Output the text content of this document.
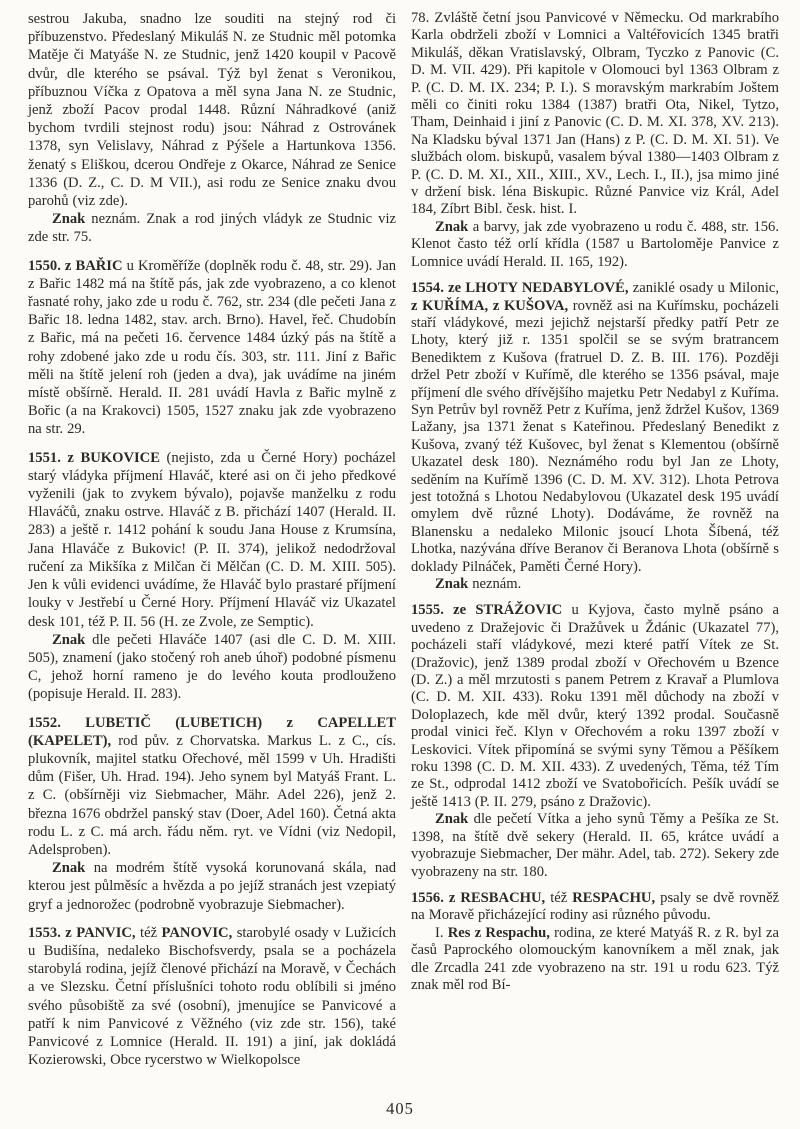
sestrou Jakuba, snadno lze souditi na stejný rod či příbuzenstvo. Předeslaný Mikuláš N. ze Studnic měl potomka Matěje či Matyáše N. ze Studnic, jenž 1420 koupil v Pacově dvůr, dle kterého se psával. Týž byl ženat s Veronikou, příbuznou Víčka z Opatova a měl syna Jana N. ze Studnic, jenž zboží Pacov prodal 1448. Různí Náhradkové (aniž bychom tvrdili stejnost rodu) jsou: Náhrad z Ostrovánek 1378, syn Velislavy, Náhrad z Pýšele a Hartunkova 1356. ženatý s Eliškou, dcerou Ondřeje z Okarce, Náhrad ze Senice 1336 (D. Z., C. D. M VII.), asi rodu ze Senice znaku dvou parohů (viz zde).

Znak neznám. Znak a rod jiných vládyk ze Studnic viz zde str. 75.

1550. z BAŘIC u Kroměříže (doplněk rodu č. 48, str. 29). Jan z Bařic 1482 má na štítě pás, jak zde vyobrazeno, a co klenot řasnaté rohy, jako zde u rodu č. 762, str. 234 (dle pečeti Jana z Bařic 18. ledna 1482, stav. arch. Brno). Havel, řeč. Chudobín z Bařic, má na pečeti 16. července 1484 úzký pás na štítě a rohy zdobené jako zde u rodu čís. 303, str. 111. Jiní z Bařic měli na štítě jelení roh (jeden a dva), jak uvádíme na jiném místě obšírně. Herald. II. 281 uvádí Havla z Bařic mylně z Bořic (a na Krakovci) 1505, 1527 znaku jak zde vyobrazeno na str. 29.

1551. z BUKOVICE (nejisto, zda u Černé Hory) pocházel starý vládyka příjmení Hlaváč, které asi on či jeho předkové vyženili (jak to zvykem bývalo), pojavše manželku z rodu Hlaváčů, znaku ostrve. Hlaváč z B. přichází 1407 (Herald. II. 283) a ještě r. 1412 pohání k soudu Jana House z Krumsína, Jana Hlaváče z Bukovic! (P. II. 374), jelikož nedodržoval ručení za Mikšíka z Milčan či Mělčan (C. D. M. XIII. 505). Jen k vůli evidenci uvádíme, že Hlaváč bylo prastaré příjmení louky v Jestřebí u Černé Hory. Příjmení Hlaváč viz Ukazatel desk 101, též P. II. 56 (H. ze Zvole, ze Semptic).

Znak dle pečeti Hlaváče 1407 (asi dle C. D. M. XIII. 505), znamení (jako stočený roh aneb úhoř) podobné písmenu C, jehož horní rameno je do levého kouta prodlouženo (popisuje Herald. II. 283).

1552. LUBETIČ (LUBETICH) z CAPELLET (KAPELET), rod pův. z Chorvatska. Markus L. z C., cís. plukovník, majitel statku Ořechové, měl 1599 v Uh. Hradišti dům (Fišer, Uh. Hrad. 194). Jeho synem byl Matyáš Frant. L. z C. (obšírněji viz Siebmacher, Mähr. Adel 226), jenž 2. března 1676 obdržel panský stav (Doer, Adel 160). Četná akta rodu L. z C. má arch. řádu něm. ryt. ve Vídni (viz Nedopil, Adelsproben).

Znak na modrém štítě vysoká korunovaná skála, nad kterou jest půlměsíc a hvězda a po jejíž stranách jest vzepiatý gryf a jednorožec (podrobně vyobrazuje Siebmacher).

1553. z PANVIC, též PANOVIC, starobylé osady v Lužicích u Budišína, nedaleko Bischofsverdy, psala se a pocházela starobylá rodina, jejíž členové přichází na Moravě, v Čechách a ve Slezsku. Četní příslušníci tohoto rodu oblíbili si jméno svého působiště za své (osobní), jmenujíce se Panvicové a patří k nim Panvicové z Věžného (viz zde str. 156), také Panvicové z Lomnice (Herald. II. 191) a jiní, jak dokládá Kozierowski, Obce rycerstwo w Wielkopolsce

78. Zvláště četní jsou Panvicové v Německu. Od markrabího Karla obdrželi zboží v Lomnici a Valtéřovicích 1345 bratři Mikuláš, děkan Vratislavský, Olbram, Tyczko z Panovic (C. D. M. VII. 429). Při kapitole v Olomouci byl 1363 Olbram z P. (C. D. M. IX. 234; P. I.). S moravským markrabím Joštem měli co činiti roku 1384 (1387) bratři Ota, Nikel, Tytzo, Tham, Deinhaid i jiní z Panovic (C. D. M. XI. 378, XV. 213). Na Kladsku býval 1371 Jan (Hans) z P. (C. D. M. XI. 51). Ve službách olom. biskupů, vasalem býval 1380—1403 Olbram z P. (C. D. M. XI., XII., XIII., XV., Lech. I., II.), jsa mimo jiné v držení bisk. léna Biskupic. Různé Panvice viz Král, Adel 184, Zíbrt Bibl. česk. hist. I.

Znak a barvy, jak zde vyobrazeno u rodu č. 488, str. 156. Klenot často též orlí křídla (1587 u Bartoloměje Panvice z Lomnice uvádí Herald. II. 165, 192).

1554. ze LHOTY NEDABYLOVÉ, zaniklé osady u Milonic, z KUŘÍMA, z KUŠOVA, rovněž asi na Kuřímsku, pocházeli staří vládykové, mezi jejichž nejstarší předky patří Petr ze Lhoty, který již r. 1351 spolčil se se svým bratrancem Benediktem z Kušova (fratruel D. Z. B. III. 176). Později držel Petr zboží v Kuřímě, dle kterého se 1356 psával, maje příjmení dle svého dřívějšího majetku Petr Nedabyl z Kuříma. Syn Petrův byl rovněž Petr z Kuříma, jenž ždržel Kušov, 1369 Lažany, jsa 1371 ženat s Kateřinou. Předeslaný Benedikt z Kušova, zvaný též Kušovec, byl ženat s Klementou (obšírně Ukazatel desk 180). Neznámého rodu byl Jan ze Lhoty, seděním na Kuřímě 1396 (C. D. M. XV. 312). Lhota Petrova jest totožná s Lhotou Nedabylovou (Ukazatel desk 195 uvádí omylem dvě různé Lhoty). Dodáváme, že rovněž na Blanensku a nedaleko Milonic jsoucí Lhota Šíbená, též Lhotka, nazývána dříve Beranov či Beranova Lhota (obšírně s doklady Pilnáček, Paměti Černé Hory).

Znak neznám.

1555. ze STRÁŽOVIC u Kyjova, často mylně psáno a uvedeno z Dražejovic či Dražůvek u Ždánic (Ukazatel 77), pocházeli staří vládykové, mezi které patří Vítek ze St. (Dražovic), jenž 1389 prodal zboží v Ořechovém u Bzence (D. Z.) a měl mrzutosti s panem Petrem z Kravař a Plumlova (C. D. M. XII. 433). Roku 1391 měl důchody na zboží v Doloplazech, kde měl dvůr, který 1392 prodal. Současně prodal vinici řeč. Klyn v Ořechovém a roku 1397 zboží v Leskovici. Vítek připomíná se svými syny Těmou a Pěšíkem roku 1398 (C. D. M. XII. 433). Z uvedených, Těma, též Tím ze St., odprodal 1412 zboží ve Svatobořicích. Pešík uvádí se ještě 1413 (P. II. 279, psáno z Dražovic).

Znak dle pečetí Vítka a jeho synů Těmy a Pešíka ze St. 1398, na štítě dvě sekery (Herald. II. 65, krátce uvádí a vyobrazuje Siebmacher, Der mähr. Adel, tab. 272). Sekery zde vyobrazeny na str. 180.

1556. z RESBACHU, též RESPACHU, psaly se dvě rovněž na Moravě přicházející rodiny asi různého původu.

I. Res z Respachu, rodina, ze které Matyáš R. z R. byl za časů Paprockého olomouckým kanovníkem a měl znak, jak dle Zrcadla 241 zde vyobrazeno na str. 191 u rodu 623. Týž znak měl rod Bí-

405
